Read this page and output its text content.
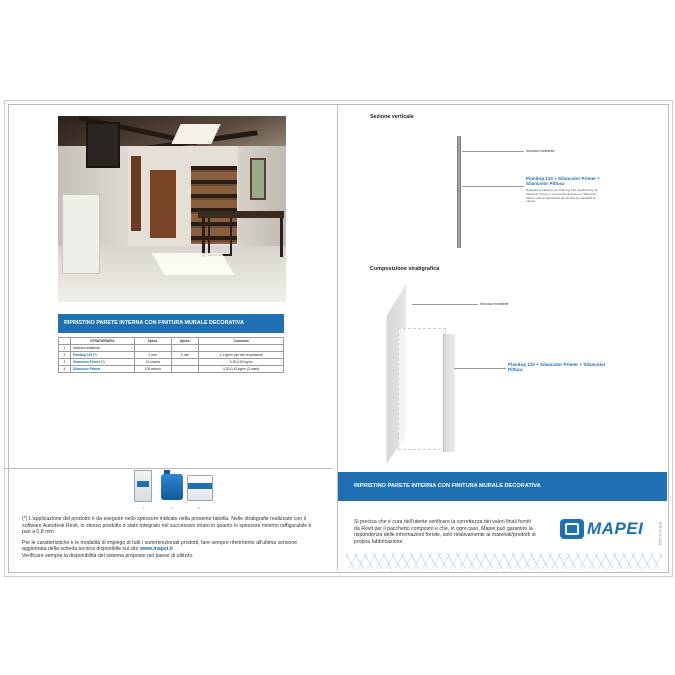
RIPRISTINO PARETE INTERNA CON FINITURA MURALE DECORATIVA
	STRATIGRAFIA	Spess.	Spess.	Consumo
1	Intonaco esistente			
2	Planitop 110 (*)	1 mm	3 mm	1,1 kg/m² per mm di spessore
3	Silancolor Primer (*)	10 micron		0,15-0,20 kg/m²
4	Silancolor Pittura	100 micron		0,20-0,40 kg/m² (2 mani)
1	2	3

(*) L'applicazione del prodotto è da eseguire nello spessore indicato nella presente tabella. Nelle stratigrafie realizzate con il software Autodesk Revit, lo stesso prodotto è stato integrato nel successivo strato in quanto lo spessore minimo raffigurabile è pari a 0,8 mm.

Per le caratteristiche e le modalità di impiego di tutti i summenzionati prodotti, fare sempre riferimento all'ultima versione aggiornata della scheda tecnica disponibile sul sito www.mapei.it
Verificare sempre la disponibilità del sistema proposto nel paese di utilizzo.

Sezione verticale
Intonaco esistente
Planitop 110 + Silancolor Primer + Silancolor Pittura
Rasatura di planitop con Planitop 110, applicazione di Silancolor Primer e successiva finitura con Silancolor Pittura, pittura silossanica ad elevata permeabilità al vapore.
Composizione stratigrafica
Intonaco esistente
Planitop 110 + Silancolor Primer + Silancolor Pittura
RIPRISTINO PARETE INTERNA CON FINITURA MURALE DECORATIVA
Si precisa che è cura dell'utente verificare la correttezza dei valori finali forniti da Revit per il pacchetto composto e che, in ogni caso, Mapei può garantire la rispondenza delle informazioni fornite, solo relativamente ai materiali/prodotti di propria fabbricazione.
MAPEI	M-R-S-01-2015
